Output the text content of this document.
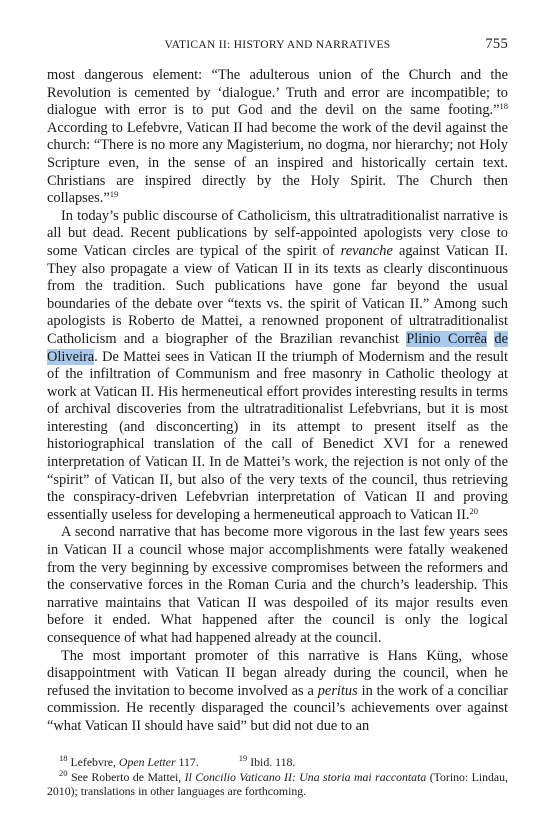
VATICAN II: HISTORY AND NARRATIVES	755

most dangerous element: “The adulterous union of the Church and the Revolution is cemented by ‘dialogue.’ Truth and error are incompatible; to dialogue with error is to put God and the devil on the same footing.”$^{18}$ According to Lefebvre, Vatican II had become the work of the devil against the church: “There is no more any Magisterium, no dogma, nor hierarchy; not Holy Scripture even, in the sense of an inspired and historically certain text. Christians are inspired directly by the Holy Spirit. The Church then collapses.”$^{19}$

In today’s public discourse of Catholicism, this ultratraditionalist narrative is all but dead. Recent publications by self-appointed apologists very close to some Vatican circles are typical of the spirit of revanche against Vatican II. They also propagate a view of Vatican II in its texts as clearly discontinuous from the tradition. Such publications have gone far beyond the usual boundaries of the debate over “texts vs. the spirit of Vatican II.” Among such apologists is Roberto de Mattei, a renowned proponent of ultratraditionalist Catholicism and a biographer of the Brazilian revanchist Plinio Corrêa de Oliveira. De Mattei sees in Vatican II the triumph of Modernism and the result of the infiltration of Communism and free masonry in Catholic theology at work at Vatican II. His hermeneutical effort provides interesting results in terms of archival discoveries from the ultratraditionalist Lefebvrians, but it is most interesting (and disconcerting) in its attempt to present itself as the historiographical translation of the call of Benedict XVI for a renewed interpretation of Vatican II. In de Mattei’s work, the rejection is not only of the “spirit” of Vatican II, but also of the very texts of the council, thus retrieving the conspiracy-driven Lefebvrian interpretation of Vatican II and proving essentially useless for developing a hermeneutical approach to Vatican II.$^{20}$

A second narrative that has become more vigorous in the last few years sees in Vatican II a council whose major accomplishments were fatally weakened from the very beginning by excessive compromises between the reformers and the conservative forces in the Roman Curia and the church’s leadership. This narrative maintains that Vatican II was despoiled of its major results even before it ended. What happened after the council is only the logical consequence of what had happened already at the council.

The most important promoter of this narrative is Hans Küng, whose disappointment with Vatican II began already during the council, when he refused the invitation to become involved as a peritus in the work of a conciliar commission. He recently disparaged the council’s achievements over against “what Vatican II should have said” but did not due to an

$^{18}$ Lefebvre, Open Letter 117.	$^{19}$ Ibid. 118.

$^{20}$ See Roberto de Mattei, Il Concilio Vaticano II: Una storia mai raccontata (Torino: Lindau, 2010); translations in other languages are forthcoming.
